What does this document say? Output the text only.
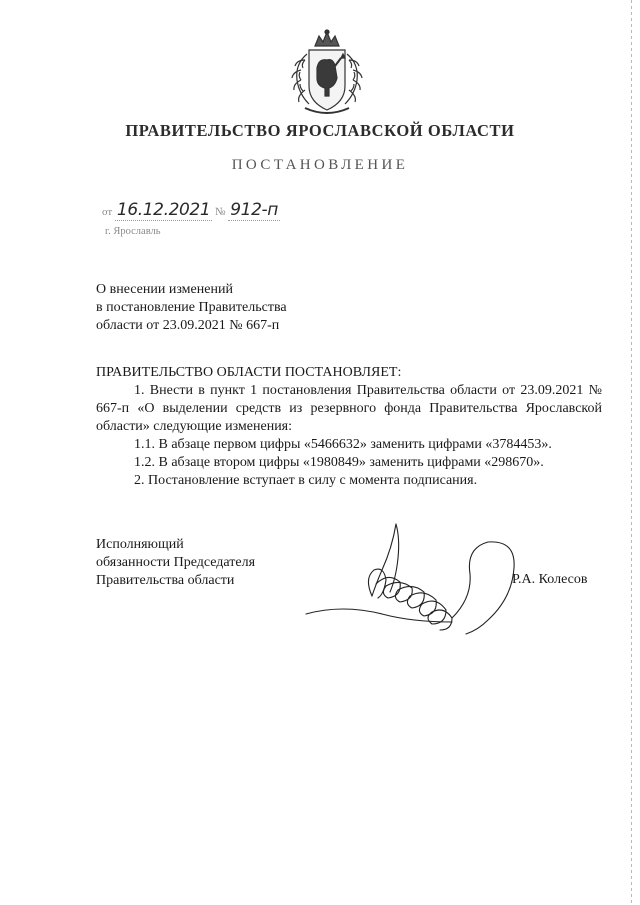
ПРАВИТЕЛЬСТВО ЯРОСЛАВСКОЙ ОБЛАСТИ
ПОСТАНОВЛЕНИЕ
от 16.12.2021 № 912-п
г. Ярославль
О внесении изменений
в постановление Правительства
области от 23.09.2021 № 667-п
ПРАВИТЕЛЬСТВО ОБЛАСТИ ПОСТАНОВЛЯЕТ:
1. Внести в пункт 1 постановления Правительства области от 23.09.2021 № 667-п «О выделении средств из резервного фонда Правительства Ярославской области» следующие изменения:
1.1. В абзаце первом цифры «5466632» заменить цифрами «3784453».
1.2. В абзаце втором цифры «1980849» заменить цифрами «298670».
2. Постановление вступает в силу с момента подписания.
Исполняющий
обязанности Председателя
Правительства области	Р.А. Колесов
